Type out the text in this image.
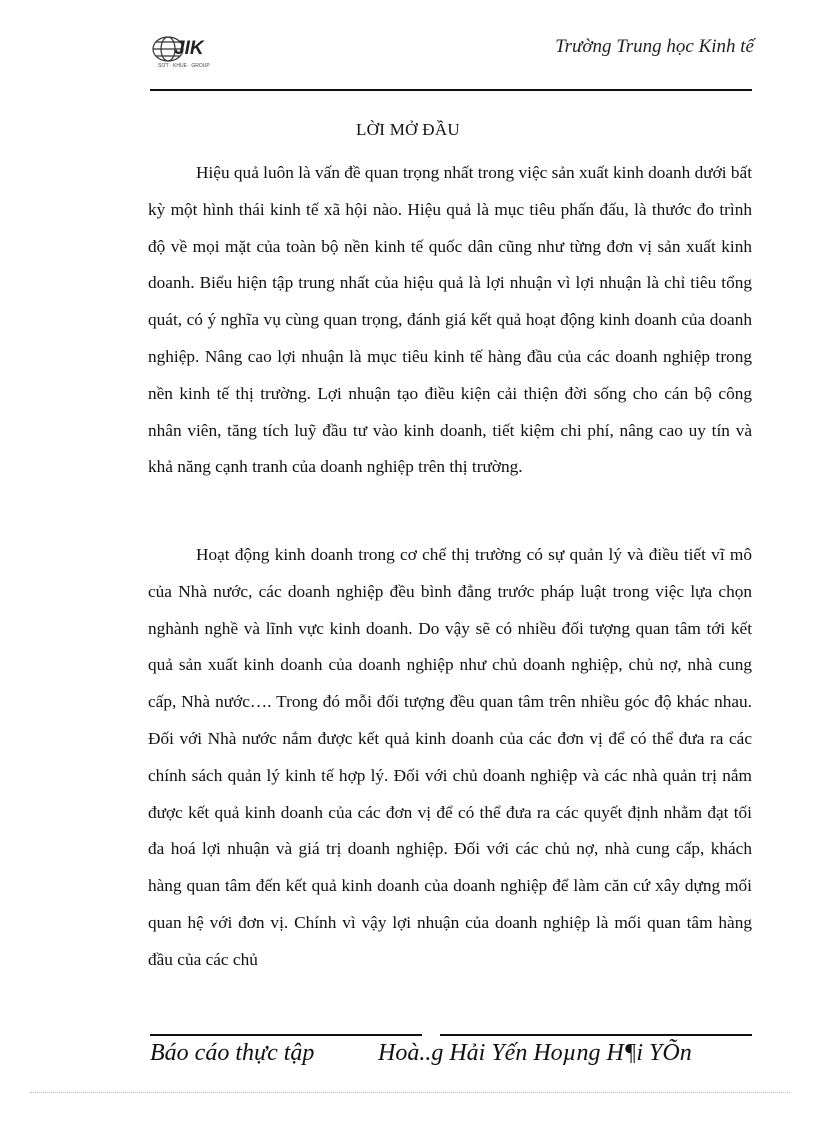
JIK
SƠT · KHUE · GROUP
Trường Trung học Kinh tế
LỜI MỞ ĐẦU

Hiệu quả luôn là vấn đề quan trọng nhất trong việc sản xuất kinh doanh dưới bất kỳ một hình thái kinh tế xã hội nào. Hiệu quả là mục tiêu phấn đấu, là thước đo trình độ về mọi mặt của toàn bộ nền kinh tế quốc dân cũng như từng đơn vị sản xuất kinh doanh. Biểu hiện tập trung nhất của hiệu quả là lợi nhuận vì lợi nhuận là chỉ tiêu tổng quát, có ý nghĩa vụ cùng quan trọng, đánh giá kết quả hoạt động kinh doanh của doanh nghiệp. Nâng cao lợi nhuận là mục tiêu kinh tế hàng đầu của các doanh nghiệp trong nền kinh tế thị trường. Lợi nhuận tạo điều kiện cải thiện đời sống cho cán bộ công nhân viên, tăng tích luỹ đầu tư vào kinh doanh, tiết kiệm chi phí, nâng cao uy tín và khả năng cạnh tranh của doanh nghiệp trên thị trường.

Hoạt động kinh doanh trong cơ chế thị trường có sự quản lý và điều tiết vĩ mô của Nhà nước, các doanh nghiệp đều bình đẳng trước pháp luật trong việc lựa chọn nghành nghề và lĩnh vực kinh doanh. Do vậy sẽ có nhiều đối tượng quan tâm tới kết quả sản xuất kinh doanh của doanh nghiệp như chủ doanh nghiệp, chủ nợ, nhà cung cấp, Nhà nước…. Trong đó mỗi đối tượng đều quan tâm trên nhiều góc độ khác nhau. Đối với Nhà nước nắm được kết quả kinh doanh của các đơn vị để có thể đưa ra các chính sách quản lý kinh tế hợp lý. Đối với chủ doanh nghiệp và các nhà quản trị nắm được kết quả kinh doanh của các đơn vị để có thể đưa ra các quyết định nhằm đạt tối đa hoá lợi nhuận và giá trị doanh nghiệp. Đối với các chủ nợ, nhà cung cấp, khách hàng quan tâm đến kết quả kinh doanh của doanh nghiệp để làm căn cứ xây dựng mối quan hệ với đơn vị. Chính vì vậy lợi nhuận của doanh nghiệp là mối quan tâm hàng đầu của các chủ

Báo cáo thực tập	Hoà..g Hải Yến Hoµng H¶i YÕn
